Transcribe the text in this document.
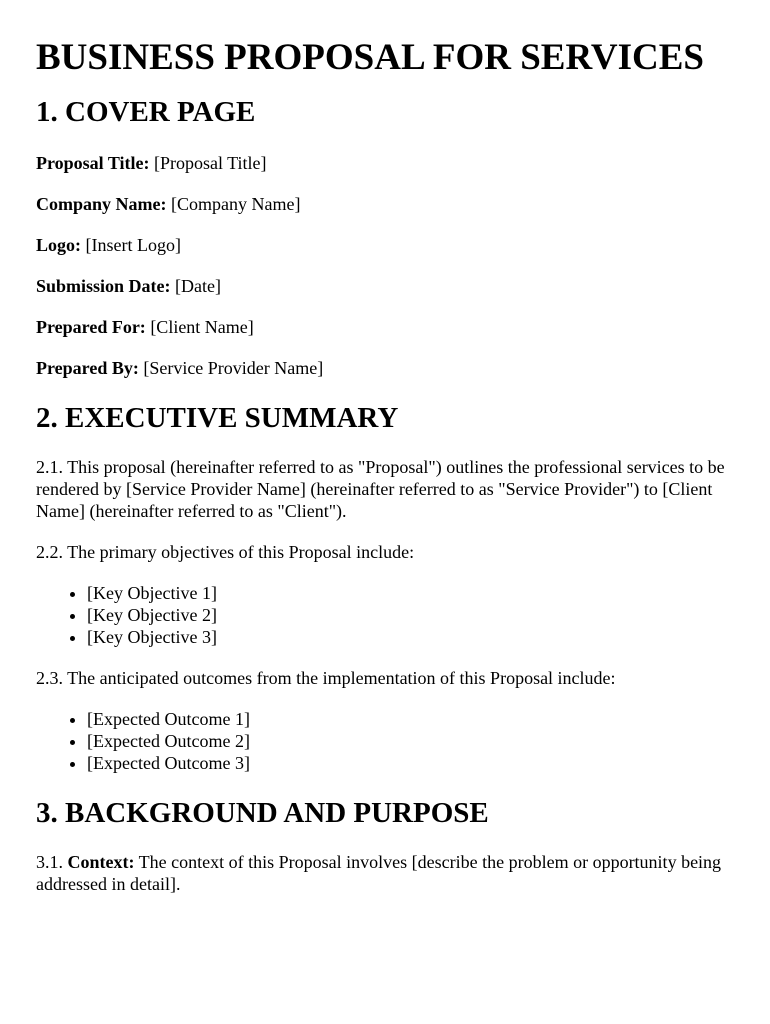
BUSINESS PROPOSAL FOR SERVICES
1. COVER PAGE

Proposal Title: [Proposal Title]

Company Name: [Company Name]

Logo: [Insert Logo]

Submission Date: [Date]

Prepared For: [Client Name]

Prepared By: [Service Provider Name]

2. EXECUTIVE SUMMARY

2.1. This proposal (hereinafter referred to as "Proposal") outlines the professional services to be rendered by [Service Provider Name] (hereinafter referred to as "Service Provider") to [Client Name] (hereinafter referred to as "Client").

2.2. The primary objectives of this Proposal include:

• [Key Objective 1]
• [Key Objective 2]
• [Key Objective 3]

2.3. The anticipated outcomes from the implementation of this Proposal include:

• [Expected Outcome 1]
• [Expected Outcome 2]
• [Expected Outcome 3]
3. BACKGROUND AND PURPOSE

3.1. Context: The context of this Proposal involves [describe the problem or opportunity being addressed in detail].
